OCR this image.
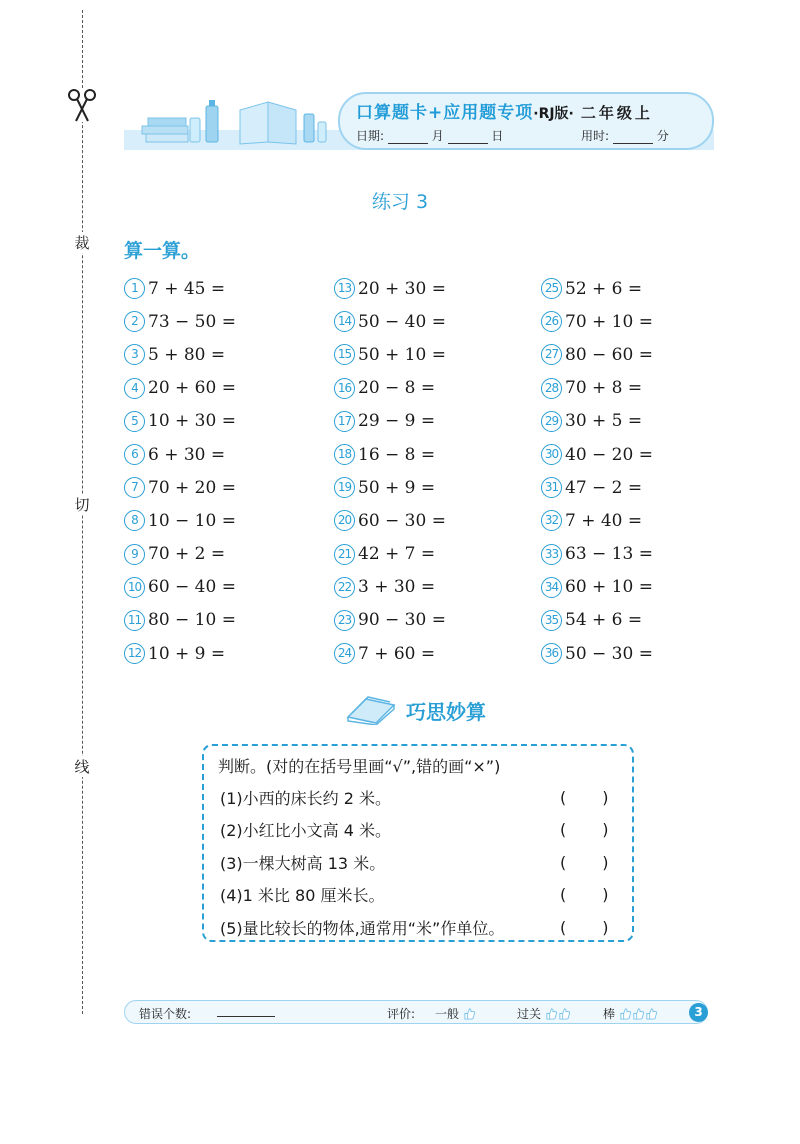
裁
切
线
口算题卡+应用题专项·RJ版· 二年级上
日期:	月	日	用时:	分
练习 3
算一算。
1 7 + 45 =
2 73 − 50 =
3 5 + 80 =
4 20 + 60 =
5 10 + 30 =
6 6 + 30 =
7 70 + 20 =
8 10 − 10 =
9 70 + 2 =
10 60 − 40 =
11 80 − 10 =
12 10 + 9 =
13 20 + 30 =
14 50 − 40 =
15 50 + 10 =
16 20 − 8 =
17 29 − 9 =
18 16 − 8 =
19 50 + 9 =
20 60 − 30 =
21 42 + 7 =
22 3 + 30 =
23 90 − 30 =
24 7 + 60 =
25 52 + 6 =
26 70 + 10 =
27 80 − 60 =
28 70 + 8 =
29 30 + 5 =
30 40 − 20 =
31 47 − 2 =
32 7 + 40 =
33 63 − 13 =
34 60 + 10 =
35 54 + 6 =
36 50 − 30 =
巧思妙算
判断。(对的在括号里画“√”,错的画“×”)
(1)小西的床长约 2 米。	( )
(2)小红比小文高 4 米。	( )
(3)一棵大树高 13 米。	( )
(4)1 米比 80 厘米长。	( )
(5)量比较长的物体,通常用“米”作单位。	( )
错误个数:	评价: 一般	过关	棒	3
